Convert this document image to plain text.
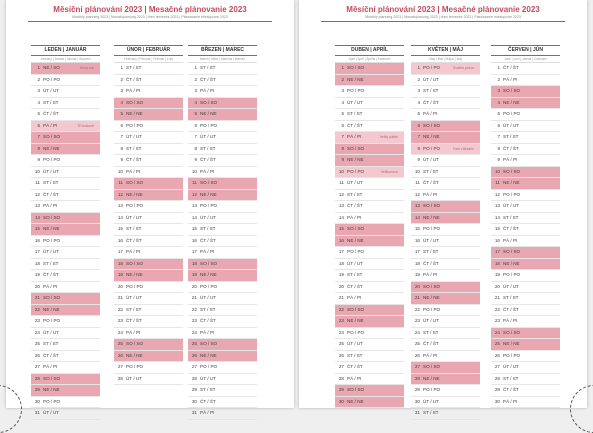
Měsíční plánování 2023 | Mesačné plánovanie 2023
Monthly planning 2023 | Monatsplanung 2023 | Havi tervezés 2023 | Planowanie miesięczne 2023
LEDEN | JANUÁR
January | Januar | Január | Styczeń
1 NE / SO	Nový rok
2 PO / PO
3 ÚT / UT
4 ST / ST
5 ČT / ŠT
6 PÁ / PI	Tři králové
7 SO / SO
8 NE / NE
9 PO / PO
10 ÚT / UT
11 ST / ST
12 ČT / ŠT
13 PÁ / PI
14 SO / SO
15 NE / NE
16 PO / PO
17 ÚT / UT
18 ST / ST
19 ČT / ŠT
20 PÁ / PI
21 SO / SO
22 NE / NE
23 PO / PO
24 ÚT / UT
25 ST / ST
26 ČT / ŠT
27 PÁ / PI
28 SO / SO
29 NE / NE
30 PO / PO
31 ÚT / UT
ÚNOR | FEBRUÁR
February | Februar | Február | Luty
1 ST / ST
2 ČT / ŠT
3 PÁ / PI
4 SO / SO
5 NE / NE
6 PO / PO
7 ÚT / UT
8 ST / ST
9 ČT / ŠT
10 PÁ / PI
11 SO / SO
12 NE / NE
13 PO / PO
14 ÚT / UT
15 ST / ST
16 ČT / ŠT
17 PÁ / PI
18 SO / SO
19 NE / NE
20 PO / PO
21 ÚT / UT
22 ST / ST
23 ČT / ŠT
24 PÁ / PI
25 SO / SO
26 NE / NE
27 PO / PO
28 ÚT / UT
BŘEZEN | MAREC
March | März | Március | Marzec
1 ST / ST
2 ČT / ŠT
3 PÁ / PI
4 SO / SO
5 NE / NE
6 PO / PO
7 ÚT / UT
8 ST / ST
9 ČT / ŠT
10 PÁ / PI
11 SO / SO
12 NE / NE
13 PO / PO
14 ÚT / UT
15 ST / ST
16 ČT / ŠT
17 PÁ / PI
18 SO / SO
19 NE / NE
20 PO / PO
21 ÚT / UT
22 ST / ST
23 ČT / ŠT
24 PÁ / PI
25 SO / SO
26 NE / NE
27 PO / PO
28 ÚT / UT
29 ST / ST
30 ČT / ŠT
31 PÁ / PI
Měsíční plánování 2023 | Mesačné plánovanie 2023
Monthly planning 2023 | Monatsplanung 2023 | Havi tervezés 2023 | Planowanie miesięczne 2023
DUBEN | APRÍL
April | April | Április | Kwiecień
1 SO / SO
2 NE / NE
3 PO / PO
4 ÚT / UT
5 ST / ST
6 ČT / ŠT
7 PÁ / PI	Velký pátek
8 SO / SO
9 NE / NE
10 PO / PO	Velikonoce
11 ÚT / UT
12 ST / ST
13 ČT / ŠT
14 PÁ / PI
15 SO / SO
16 NE / NE
17 PO / PO
18 ÚT / UT
19 ST / ST
20 ČT / ŠT
21 PÁ / PI
22 SO / SO
23 NE / NE
24 PO / PO
25 ÚT / UT
26 ST / ST
27 ČT / ŠT
28 PÁ / PI
29 SO / SO
30 NE / NE
KVĚTEN | MÁJ
May | Mai | Május | Maj
1 PO / PO	Svátek práce
2 ÚT / UT
3 ST / ST
4 ČT / ŠT
5 PÁ / PI
6 SO / SO
7 NE / NE
8 PO / PO	Den vítězství
9 ÚT / UT
10 ST / ST
11 ČT / ŠT
12 PÁ / PI
13 SO / SO
14 NE / NE
15 PO / PO
16 ÚT / UT
17 ST / ST
18 ČT / ŠT
19 PÁ / PI
20 SO / SO
21 NE / NE
22 PO / PO
23 ÚT / UT
24 ST / ST
25 ČT / ŠT
26 PÁ / PI
27 SO / SO
28 NE / NE
29 PO / PO
30 ÚT / UT
31 ST / ST
ČERVEN | JÚN
June | Juni | Június | Czerwiec
1 ČT / ŠT
2 PÁ / PI
3 SO / SO
4 NE / NE
5 PO / PO
6 ÚT / UT
7 ST / ST
8 ČT / ŠT
9 PÁ / PI
10 SO / SO
11 NE / NE
12 PO / PO
13 ÚT / UT
14 ST / ST
15 ČT / ŠT
16 PÁ / PI
17 SO / SO
18 NE / NE
19 PO / PO
20 ÚT / UT
21 ST / ST
22 ČT / ŠT
23 PÁ / PI
24 SO / SO
25 NE / NE
26 PO / PO
27 ÚT / UT
28 ST / ST
29 ČT / ŠT
30 PÁ / PI
